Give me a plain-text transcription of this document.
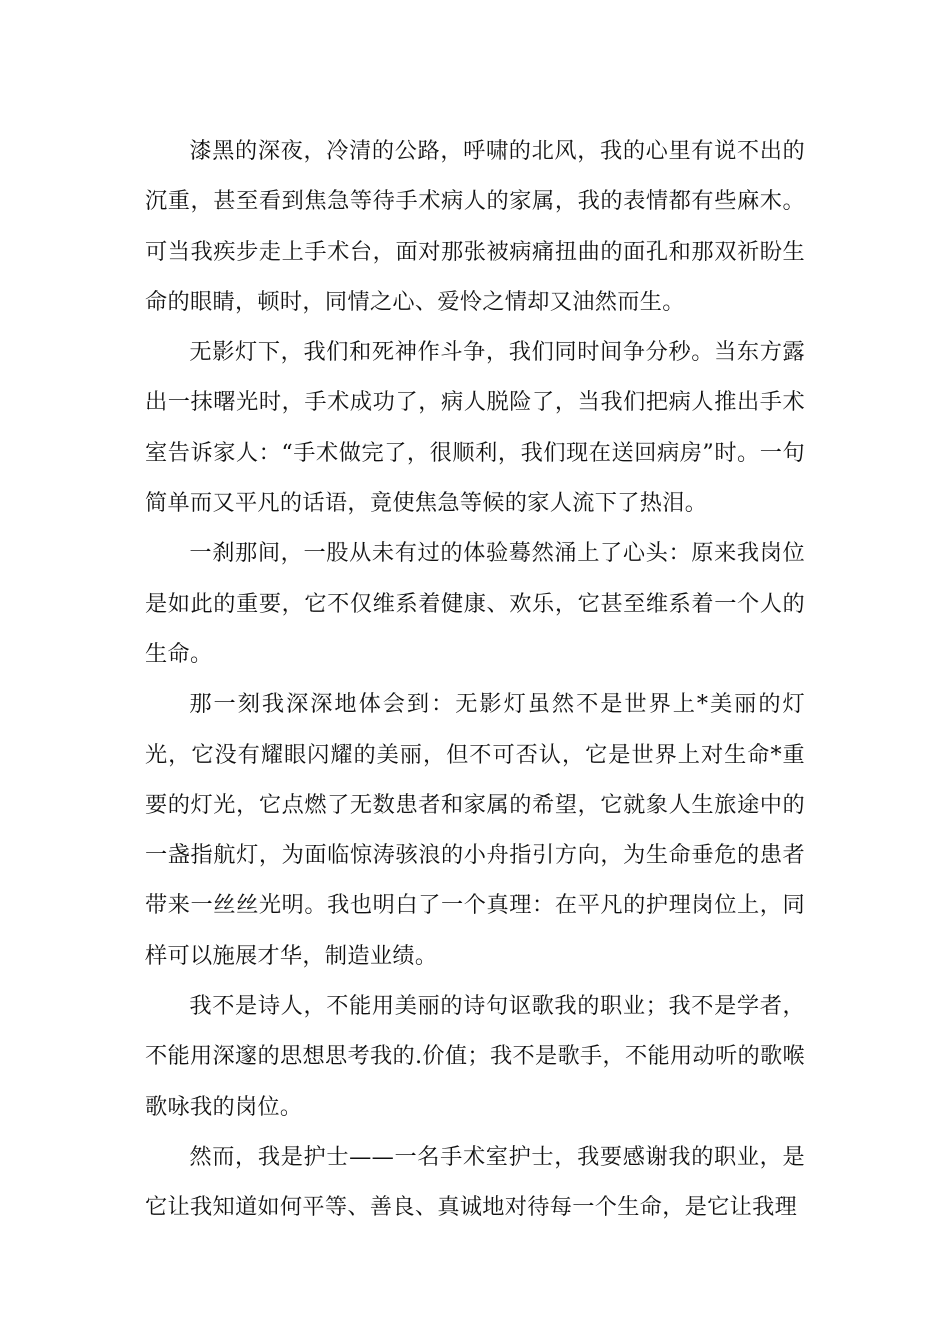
漆黑的深夜，冷清的公路，呼啸的北风，我的心里有说不出的沉重，甚至看到焦急等待手术病人的家属，我的表情都有些麻木。可当我疾步走上手术台，面对那张被病痛扭曲的面孔和那双祈盼生命的眼睛，顿时，同情之心、爱怜之情却又油然而生。

无影灯下，我们和死神作斗争，我们同时间争分秒。当东方露出一抹曙光时，手术成功了，病人脱险了，当我们把病人推出手术室告诉家人：“手术做完了，很顺利，我们现在送回病房”时。一句简单而又平凡的话语，竟使焦急等候的家人流下了热泪。

一刹那间，一股从未有过的体验蓦然涌上了心头：原来我岗位是如此的重要，它不仅维系着健康、欢乐，它甚至维系着一个人的生命。

那一刻我深深地体会到：无影灯虽然不是世界上*美丽的灯光，它没有耀眼闪耀的美丽，但不可否认，它是世界上对生命*重要的灯光，它点燃了无数患者和家属的希望，它就象人生旅途中的一盏指航灯，为面临惊涛骇浪的小舟指引方向，为生命垂危的患者带来一丝丝光明。我也明白了一个真理：在平凡的护理岗位上，同样可以施展才华，制造业绩。

我不是诗人，不能用美丽的诗句讴歌我的职业；我不是学者，不能用深邃的思想思考我的.价值；我不是歌手，不能用动听的歌喉歌咏我的岗位。

然而，我是护士——一名手术室护士，我要感谢我的职业，是它让我知道如何平等、善良、真诚地对待每一个生命，是它让我理
